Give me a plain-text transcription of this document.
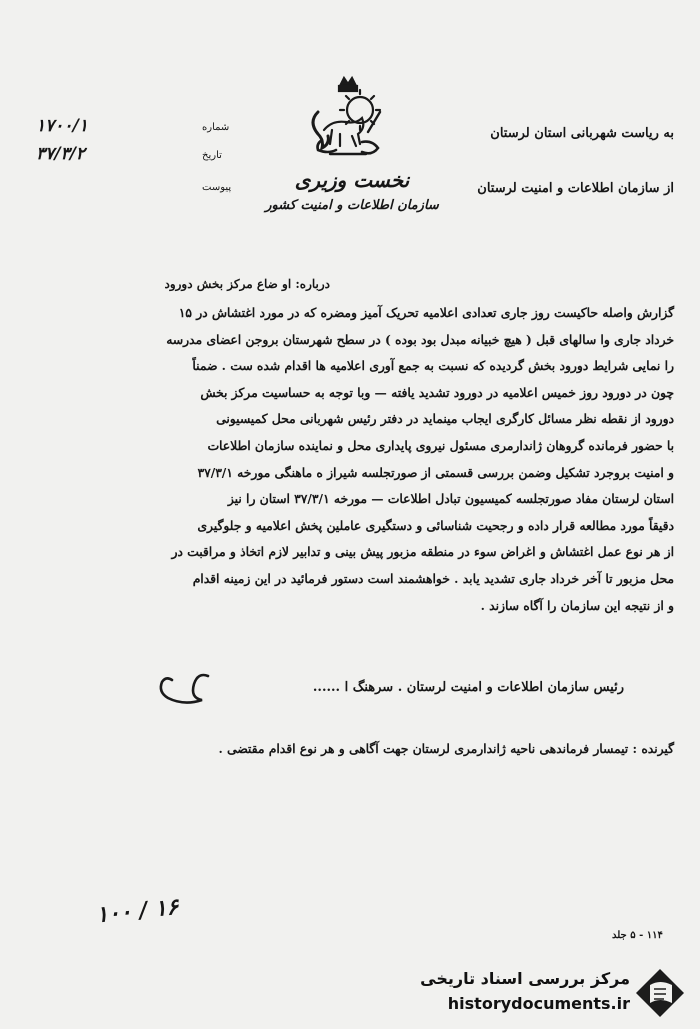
نخست وزیری
سازمان اطلاعات و امنیت کشور
به ریاست شهربانی استان لرستان
از سازمان اطلاعات و امنیت لرستان
شماره
تاریخ
پیوست
۱۷۰۰/۱
۳۷/۳/۲
درباره: او ضاع مرکز بخش دورود

گزارش واصله حاکیست روز جاری تعدادی اعلامیه تحریک آمیز ومضره که در مورد اغتشاش در ۱۵

خرداد جاری وا سالهای قبل ( هیچ خبیانه مبدل بود بوده ) در سطح شهرستان بروجن اعضای مدرسه

را نمایی شرایط دورود بخش گردیده که نسبت به جمع آوری اعلامیه ها اقدام شده ست . ضمناً

چون در دورود روز خمیس اعلامیه در دورود تشدید یافته — وبا توجه به حساسیت مرکز بخش

دورود از نقطه نظر مسائل کارگری ایجاب مینماید در دفتر رئیس شهربانی محل کمیسیونی

با حضور فرمانده گروهان ژاندارمری مسئول نیروی پایداری محل و نماینده سازمان اطلاعات

و امنیت بروجرد تشکیل وضمن بررسی قسمتی از صورتجلسه شیراز ه ماهنگی مورخه ۳۷/۳/۱

استان لرستان مفاد صورتجلسه کمیسیون تبادل اطلاعات — مورخه ۳۷/۳/۱ استان را نیز

دقیقاً مورد مطالعه قرار داده و رجحیت شناسائی و دستگیری عاملین پخش اعلامیه و جلوگیری

از هر نوع عمل اغتشاش و اغراض سوء در منطقه مزبور پیش بینی و تدابیر لازم اتخاذ و مراقبت در

محل مزبور تا آخر خرداد جاری تشدید یابد . خواهشمند است دستور فرمائید در این زمینه اقدام

و از نتیجه این سازمان را آگاه سازند .

رئیس سازمان اطلاعات و امنیت لرستان . سرهنگ ا ......
گیرنده : تیمسار فرماندهی ناحیه ژاندارمری لرستان جهت آگاهی و هر نوع اقدام مقتضی .
۱۰۰ / ۱۶
۱۱۴ - ۵ جلد
مرکز بررسی اسناد تاریخی
historydocuments.ir
